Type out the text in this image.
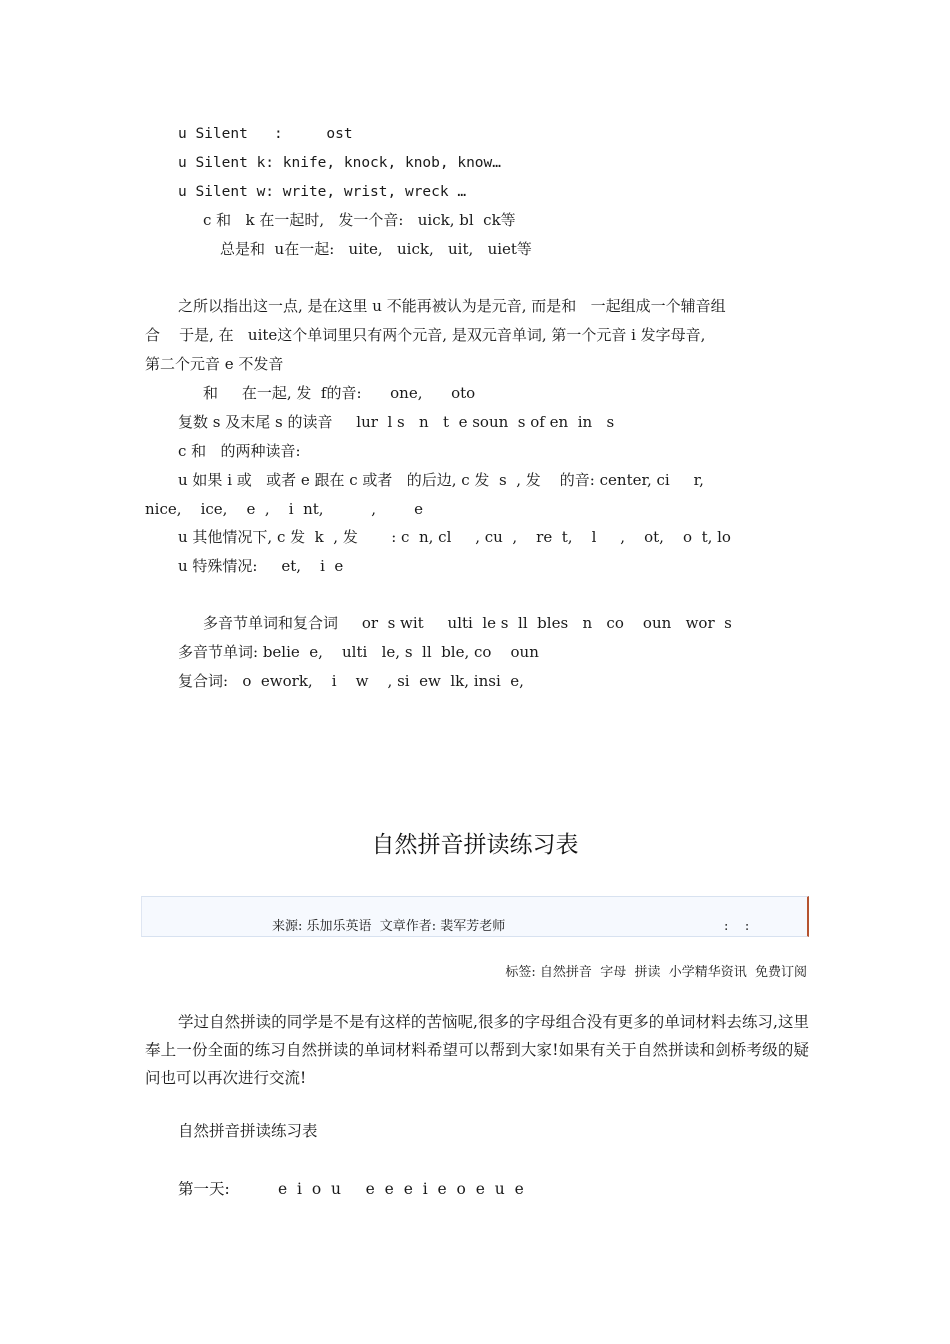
u Silent   :     ost
u Silent k: knife, knock, knob, know…
u Silent w: write, wrist, wreck …
c 和   k 在一起时,   发一个音:   uick, bl  ck等
总是和  u在一起:   uite,   uick,   uit,   uiet等
之所以指出这一点, 是在这里 u 不能再被认为是元音, 而是和   一起组成一个辅音组
合    于是, 在   uite这个单词里只有两个元音, 是双元音单词, 第一个元音 i 发字母音,
第二个元音 e 不发音
和     在一起, 发  f的音:      one,      oto
复数 s 及末尾 s 的读音     lur  l s   n   t  e soun  s of en  in   s
c 和   的两种读音:
u 如果 i 或   或者 e 跟在 c 或者   的后边, c 发  s  , 发    的音: center, ci     r,
nice,    ice,    e  ,    i  nt,          ,        e
u 其他情况下, c 发  k  , 发       : c  n, cl     , cu  ,    re  t,    l     ,    ot,    o  t, lo
u 特殊情况:     et,    i  e
多音节单词和复合词     or  s wit     ulti  le s  ll  bles   n   co    oun   wor  s
多音节单词: belie  e,    ulti   le, s  ll  ble, co    oun
复合词:   o  ework,    i    w    , si  ew  lk, insi  e,
自然拼音拼读练习表
来源: 乐加乐英语  文章作者: 裴军芳老师	:    :
标签: 自然拼音  字母  拼读  小学精华资讯  免费订阅
学过自然拼读的同学是不是有这样的苦恼呢,很多的字母组合没有更多的单词材料去练习,这里奉上一份全面的练习自然拼读的单词材料希望可以帮到大家!如果有关于自然拼读和剑桥考级的疑问也可以再次进行交流!
自然拼音拼读练习表
第一天:	e  i  o  u     e  e  e  i  e  o  e  u  e
